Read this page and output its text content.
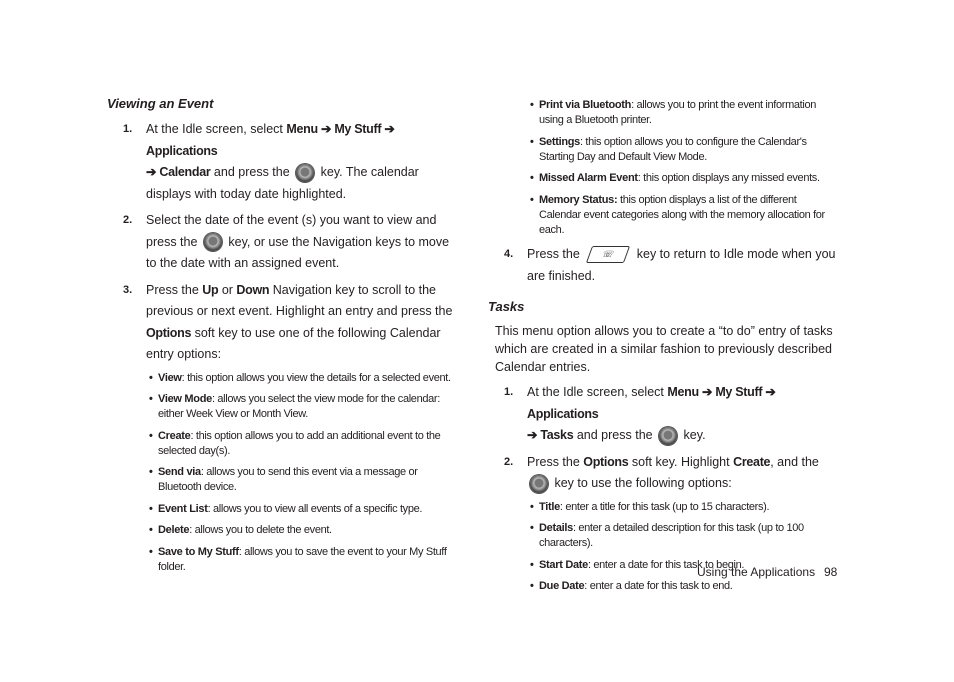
Viewing an Event
1. At the Idle screen, select Menu ➔ My Stuff ➔ Applications
➔ Calendar and press the  key. The calendar displays with today date highlighted.
2. Select the date of the event (s) you want to view and press the  key, or use the Navigation keys to move to the date with an assigned event.
3. Press the Up or Down Navigation key to scroll to the previous or next event. Highlight an entry and press the Options soft key to use one of the following Calendar entry options:
• View: this option allows you view the details for a selected event.
• View Mode: allows you select the view mode for the calendar: either Week View or Month View.
• Create: this option allows you to add an additional event to the selected day(s).
• Send via: allows you to send this event via a message or Bluetooth device.
• Event List: allows you to view all events of a specific type.
• Delete: allows you to delete the event.
• Save to My Stuff: allows you to save the event to your My Stuff folder.
• Print via Bluetooth: allows you to print the event information using a Bluetooth printer.
• Settings: this option allows you to configure the Calendar's Starting Day and Default View Mode.
• Missed Alarm Event: this option displays any missed events.
• Memory Status: this option displays a list of the different Calendar event categories along with the memory allocation for each.
4. Press the ☏ key to return to Idle mode when you are finished.
Tasks
This menu option allows you to create a “to do” entry of tasks which are created in a similar fashion to previously described Calendar entries.
1. At the Idle screen, select Menu ➔ My Stuff ➔ Applications
➔ Tasks and press the  key.
2. Press the Options soft key. Highlight Create, and the  key to use the following options:
• Title: enter a title for this task (up to 15 characters).
• Details: enter a detailed description for this task (up to 100 characters).
• Start Date: enter a date for this task to begin.
• Due Date: enter a date for this task to end.
Using the Applications 98
